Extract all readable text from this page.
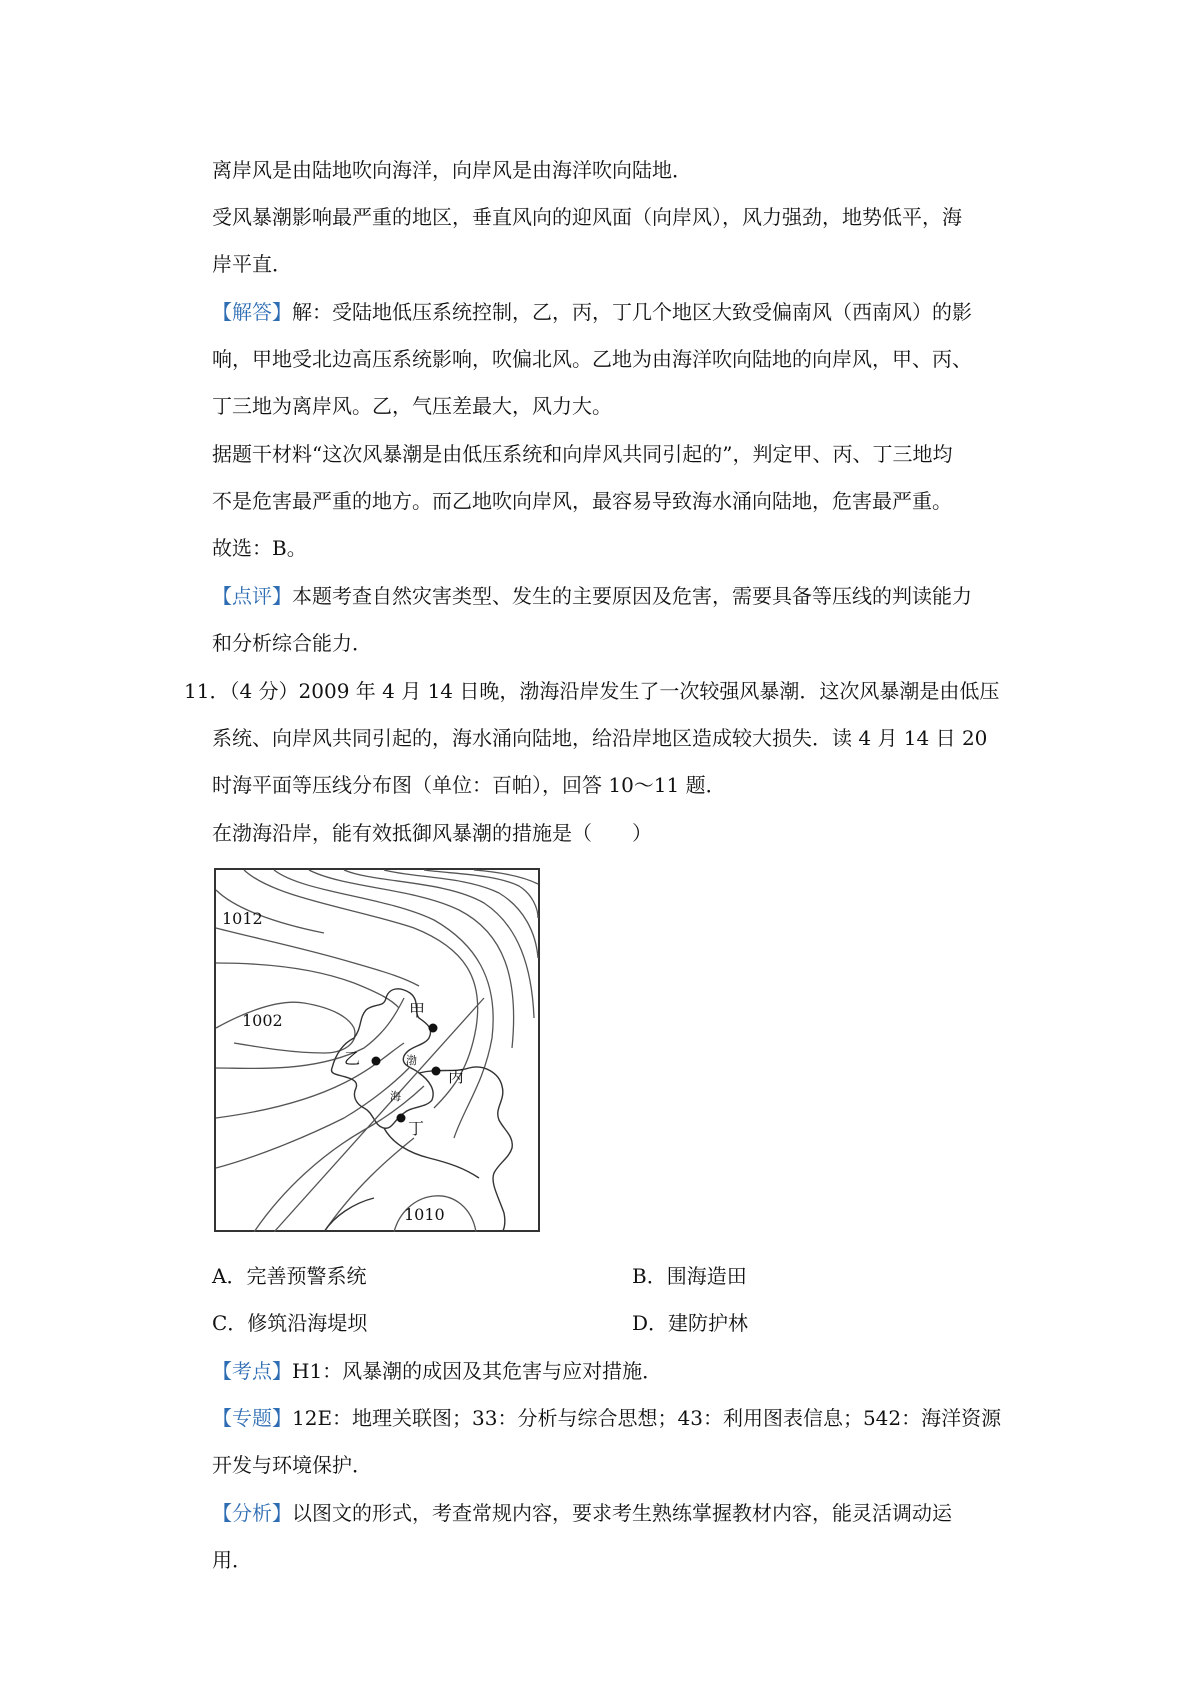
离岸风是由陆地吹向海洋，向岸风是由海洋吹向陆地．
受风暴潮影响最严重的地区，垂直风向的迎风面（向岸风），风力强劲，地势低平，海
岸平直．
【解答】解：受陆地低压系统控制，乙，丙，丁几个地区大致受偏南风（西南风）的影
响，甲地受北边高压系统影响，吹偏北风。乙地为由海洋吹向陆地的向岸风，甲、丙、
丁三地为离岸风。乙，气压差最大，风力大。
据题干材料“这次风暴潮是由低压系统和向岸风共同引起的”，判定甲、丙、丁三地均
不是危害最严重的地方。而乙地吹向岸风，最容易导致海水涌向陆地，危害最严重。
故选：B。
【点评】本题考查自然灾害类型、发生的主要原因及危害，需要具备等压线的判读能力
和分析综合能力．
11．（4 分）2009 年 4 月 14 日晚，渤海沿岸发生了一次较强风暴潮．这次风暴潮是由低压
系统、向岸风共同引起的，海水涌向陆地，给沿岸地区造成较大损失．读 4 月 14 日 20
时海平面等压线分布图（单位：百帕），回答 10～11 题．
在渤海沿岸，能有效抵御风暴潮的措施是（　　）
1012
1002
1010
甲
乙	渤
海
丙
丁
A．完善预警系统	B．围海造田
C．修筑沿海堤坝	D．建防护林
【考点】H1：风暴潮的成因及其危害与应对措施．
【专题】12E：地理关联图；33：分析与综合思想；43：利用图表信息；542：海洋资源
开发与环境保护．
【分析】以图文的形式，考查常规内容，要求考生熟练掌握教材内容，能灵活调动运
用．
